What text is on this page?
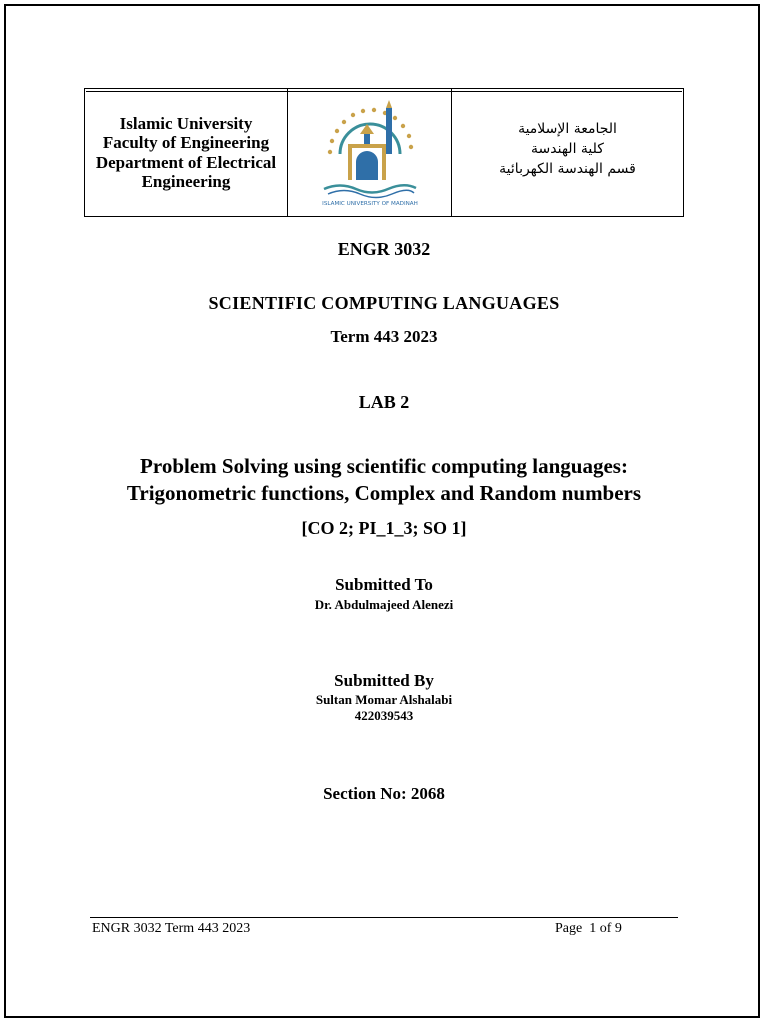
Islamic University
Faculty of Engineering
Department of Electrical
Engineering
ISLAMIC UNIVERSITY OF MADINAH
الجامعة الإسلامية
كلية الهندسة
قسم الهندسة الكهربائية
ENGR 3032
SCIENTIFIC COMPUTING LANGUAGES
Term 443 2023
LAB 2
Problem Solving using scientific computing languages:
Trigonometric functions, Complex and Random numbers
[CO 2; PI_1_3; SO 1]
Submitted To
Dr. Abdulmajeed Alenezi
Submitted By
Sultan Momar Alshalabi
422039543
Section No: 2068
ENGR 3032 Term 443 2023	Page  1 of 9
